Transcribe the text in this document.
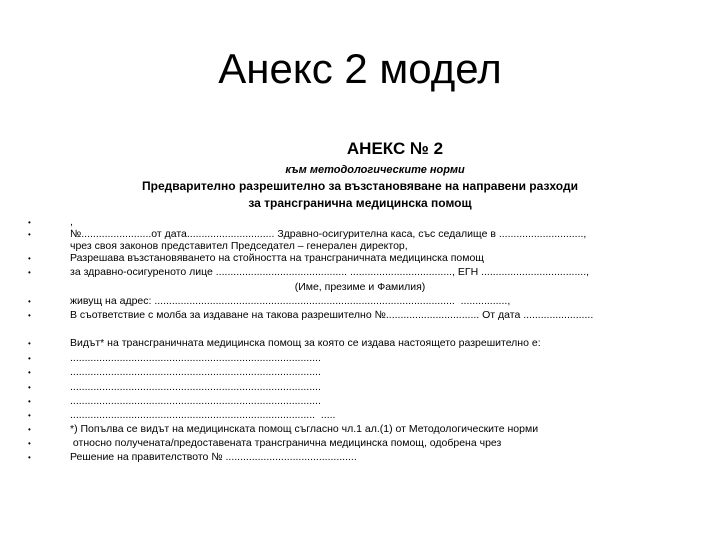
Анекс 2 модел
АНЕКС № 2
към методологическите норми
Предварително разрешително за възстановяване на направени разходи
за трансгранична медицинска помощ
•	,
•	№........................от дата.............................. Здравно-осигурителна каса, със седалище в .............................,
чрез своя законов представител Председател – генерален директор,
•	Разрешава възстановяването на стойността на трансграничната медицинска помощ
•	за здравно-осигуреното лице ............................................. ..................................., ЕГН ....................................,
•	живущ на адрес: .......................................................................................................  ................,
•	В съответствие с молба за издаване на такова разрешително №................................ От дата ........................
•	Видът* на трансграничната медицинска помощ за която се издава настоящето разрешително е:
•	......................................................................................
•	......................................................................................
•	......................................................................................
•	......................................................................................
•	....................................................................................  .....
•	*) Попълва се видът на медицинската помощ съгласно чл.1 ал.(1) от Методологическите норми
•	относно получената/предоставената трансгранична медицинска помощ, одобрена чрез
•	Решение на правителството № .............................................
(Име, презиме и Фамилия)
